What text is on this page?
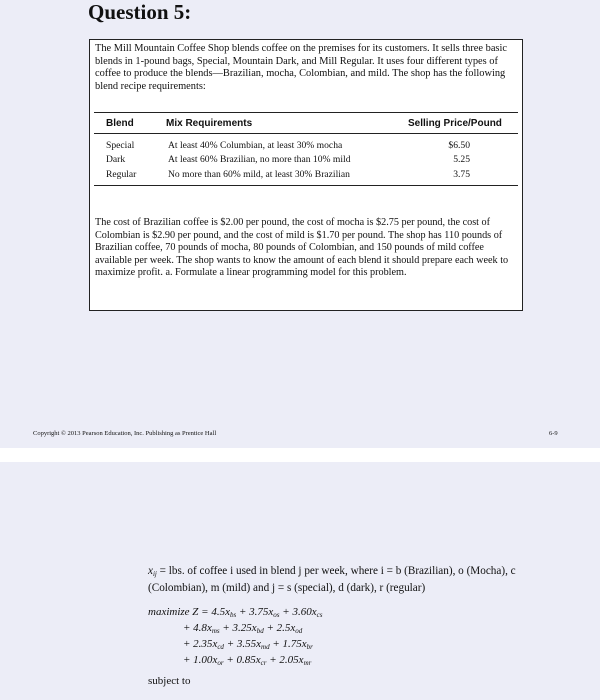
Question 5:
The Mill Mountain Coffee Shop blends coffee on the premises for its customers. It sells three basic blends in 1-pound bags, Special, Mountain Dark, and Mill Regular. It uses four different types of coffee to produce the blends—Brazilian, mocha, Colombian, and mild. The shop has the following blend recipe requirements:
Blend	Mix Requirements	Selling Price/Pound
Special	At least 40% Columbian, at least 30% mocha	$6.50
Dark	At least 60% Brazilian, no more than 10% mild	5.25
Regular	No more than 60% mild, at least 30% Brazilian	3.75
The cost of Brazilian coffee is $2.00 per pound, the cost of mocha is $2.75 per pound, the cost of Colombian is $2.90 per pound, and the cost of mild is $1.70 per pound. The shop has 110 pounds of Brazilian coffee, 70 pounds of mocha, 80 pounds of Colombian, and 150 pounds of mild coffee available per week. The shop wants to know the amount of each blend it should prepare each week to maximize profit. a. Formulate a linear programming model for this problem.
Copyright © 2013 Pearson Education, Inc. Publishing as Prentice Hall	6-9
$x_{ij}$ = lbs. of coffee i used in blend j per week, where i = b (Brazilian), o (Mocha), c (Colombian), m (mild) and j = s (special), d (dark), r (regular)
maximize $Z = 4.5x_{bs} + 3.75x_{os} + 3.60x_{cs}$
+ $4.8x_{ms} + 3.25x_{bd} + 2.5x_{od}$
+ $2.35x_{cd} + 3.55x_{md} + 1.75x_{br}$
+ $1.00x_{or} + 0.85x_{cr} + 2.05x_{mr}$
subject to
